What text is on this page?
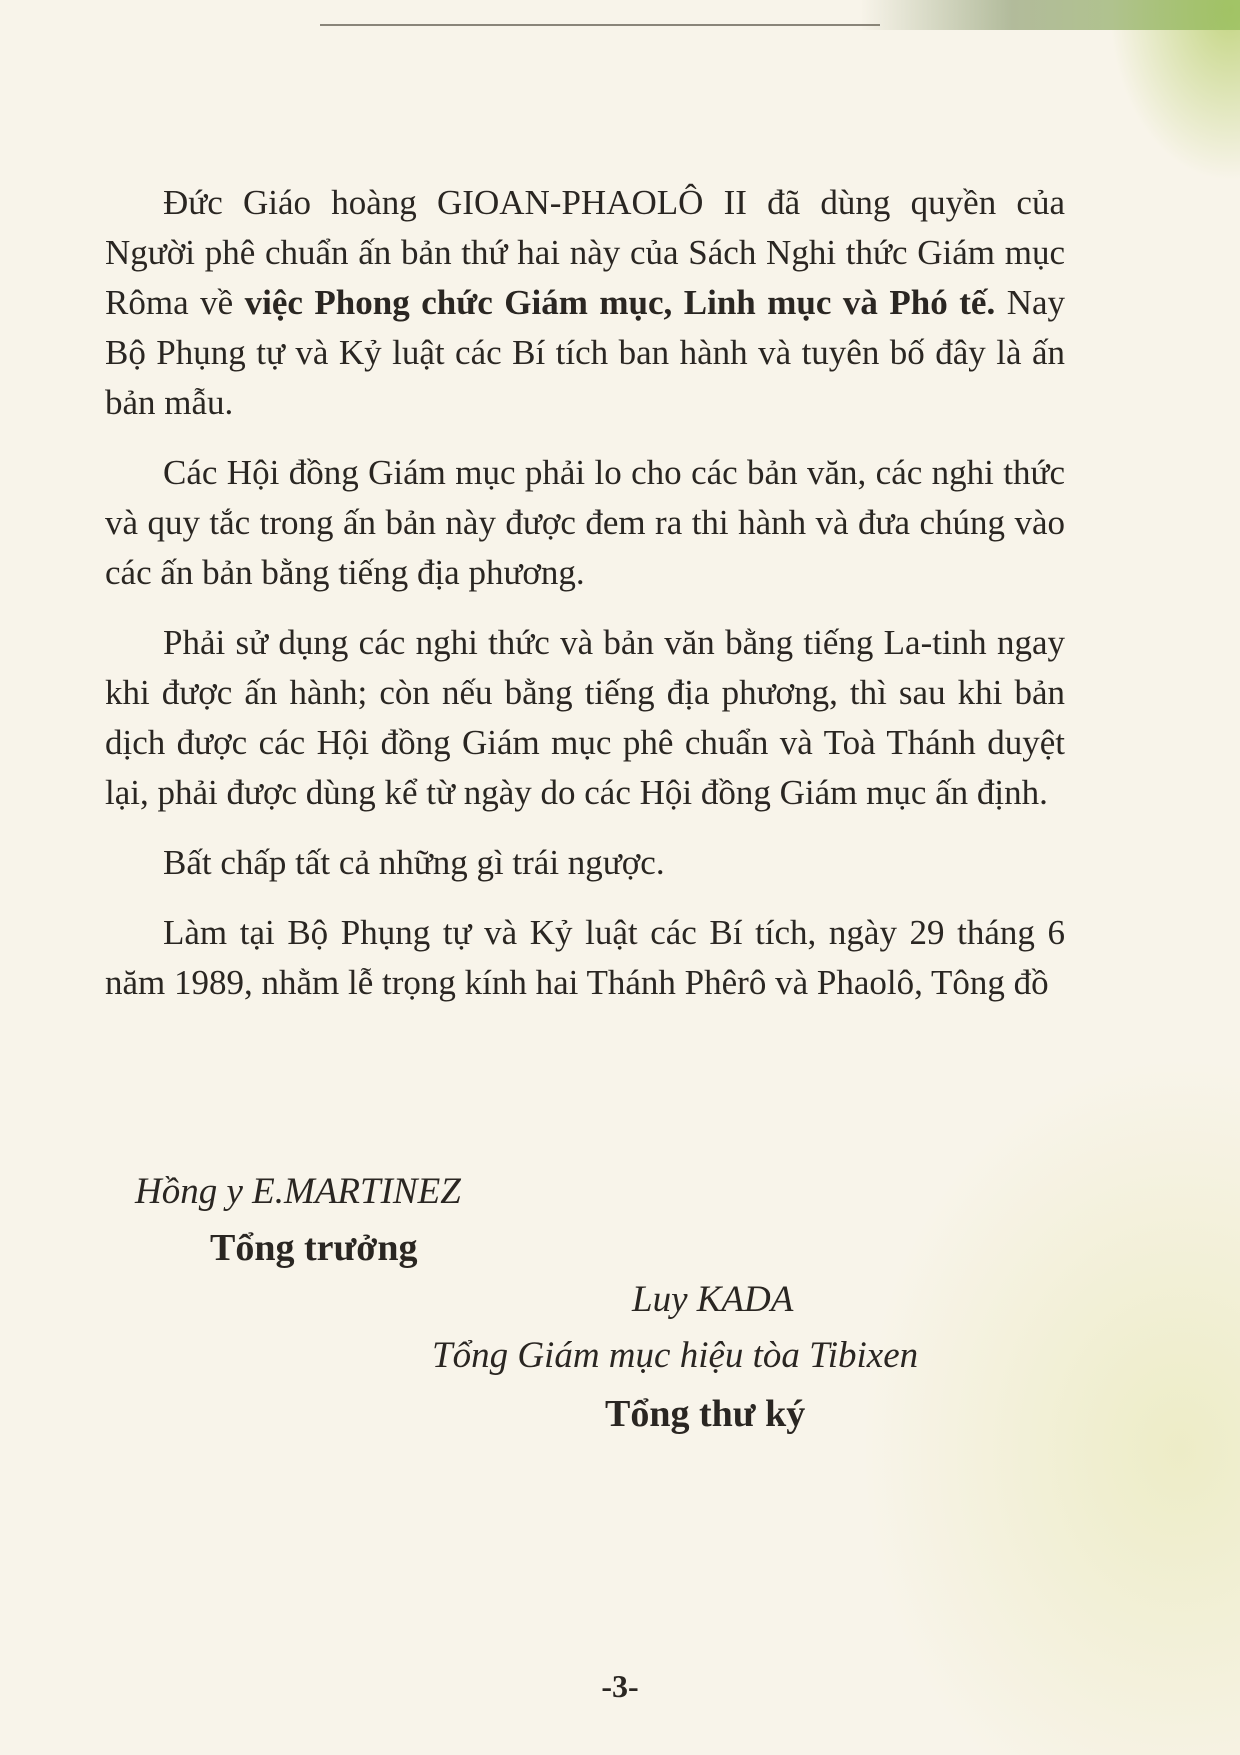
Đức Giáo hoàng GIOAN-PHAOLÔ II đã dùng quyền của Người phê chuẩn ấn bản thứ hai này của Sách Nghi thức Giám mục Rôma về việc Phong chức Giám mục, Linh mục và Phó tế. Nay Bộ Phụng tự và Kỷ luật các Bí tích ban hành và tuyên bố đây là ấn bản mẫu.

Các Hội đồng Giám mục phải lo cho các bản văn, các nghi thức và quy tắc trong ấn bản này được đem ra thi hành và đưa chúng vào các ấn bản bằng tiếng địa phương.

Phải sử dụng các nghi thức và bản văn bằng tiếng La-tinh ngay khi được ấn hành; còn nếu bằng tiếng địa phương, thì sau khi bản dịch được các Hội đồng Giám mục phê chuẩn và Toà Thánh duyệt lại, phải được dùng kể từ ngày do các Hội đồng Giám mục ấn định.

Bất chấp tất cả những gì trái ngược.

Làm tại Bộ Phụng tự và Kỷ luật các Bí tích, ngày 29 tháng 6 năm 1989, nhằm lễ trọng kính hai Thánh Phêrô và Phaolô, Tông đồ

Hồng y E.MARTINEZ
Tổng trưởng
Luy KADA
Tổng Giám mục hiệu tòa Tibixen
Tổng thư ký
-3-
